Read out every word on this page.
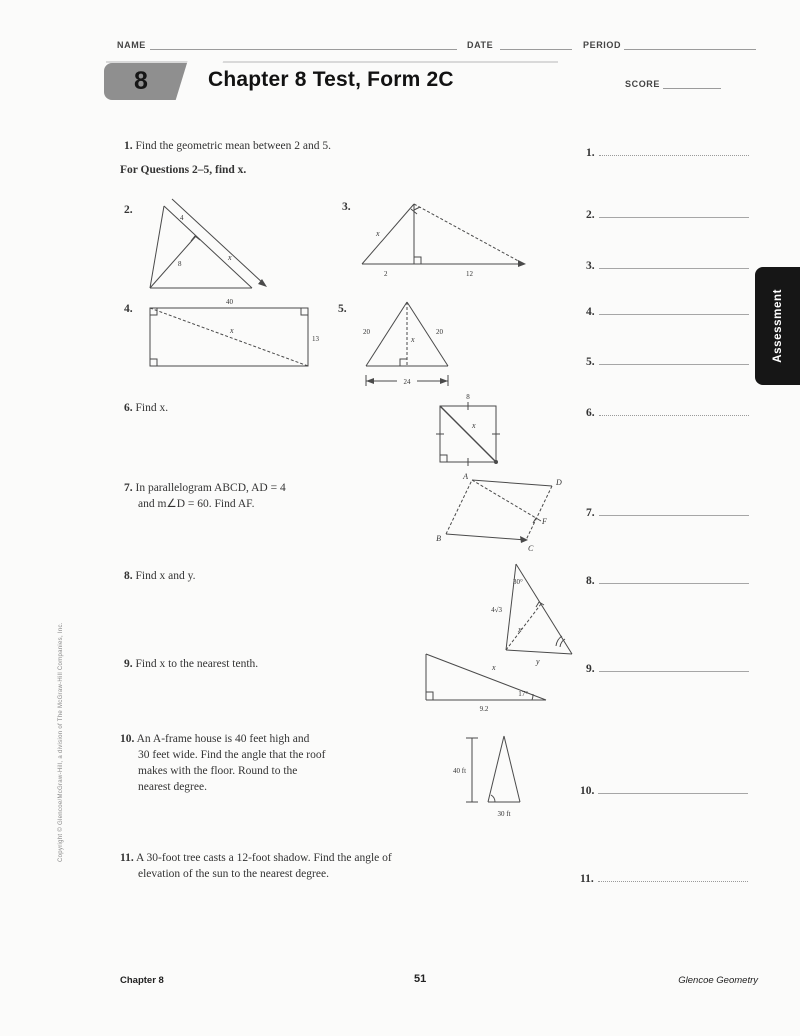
NAME	DATE	PERIOD
8	Chapter 8 Test, Form 2C	SCORE
1. Find the geometric mean between 2 and 5.
For Questions 2–5, find x.
2.
4
x
8
3.
x
2	12
4.
40
x
13
5.
20	20
x
24
6. Find x.
8
x
7. In parallelogram ABCD, AD = 4
and m∠D = 60. Find AF.
A
D
B
C
F
8. Find x and y.	30°
4√3
x
y
9. Find x to the nearest tenth.	x
17°
9.2
10. An A-frame house is 40 feet high and
30 feet wide. Find the angle that the roof
makes with the floor. Round to the
nearest degree.
40 ft
30 ft
11. A 30-foot tree casts a 12-foot shadow. Find the angle of
elevation of the sun to the nearest degree.
1.
2.
3.
4.
5.
6.
7.
8.
9.
10.
11.
Assessment
Copyright © Glencoe/McGraw-Hill, a division of The McGraw-Hill Companies, Inc.
Chapter 8	51	Glencoe Geometry
